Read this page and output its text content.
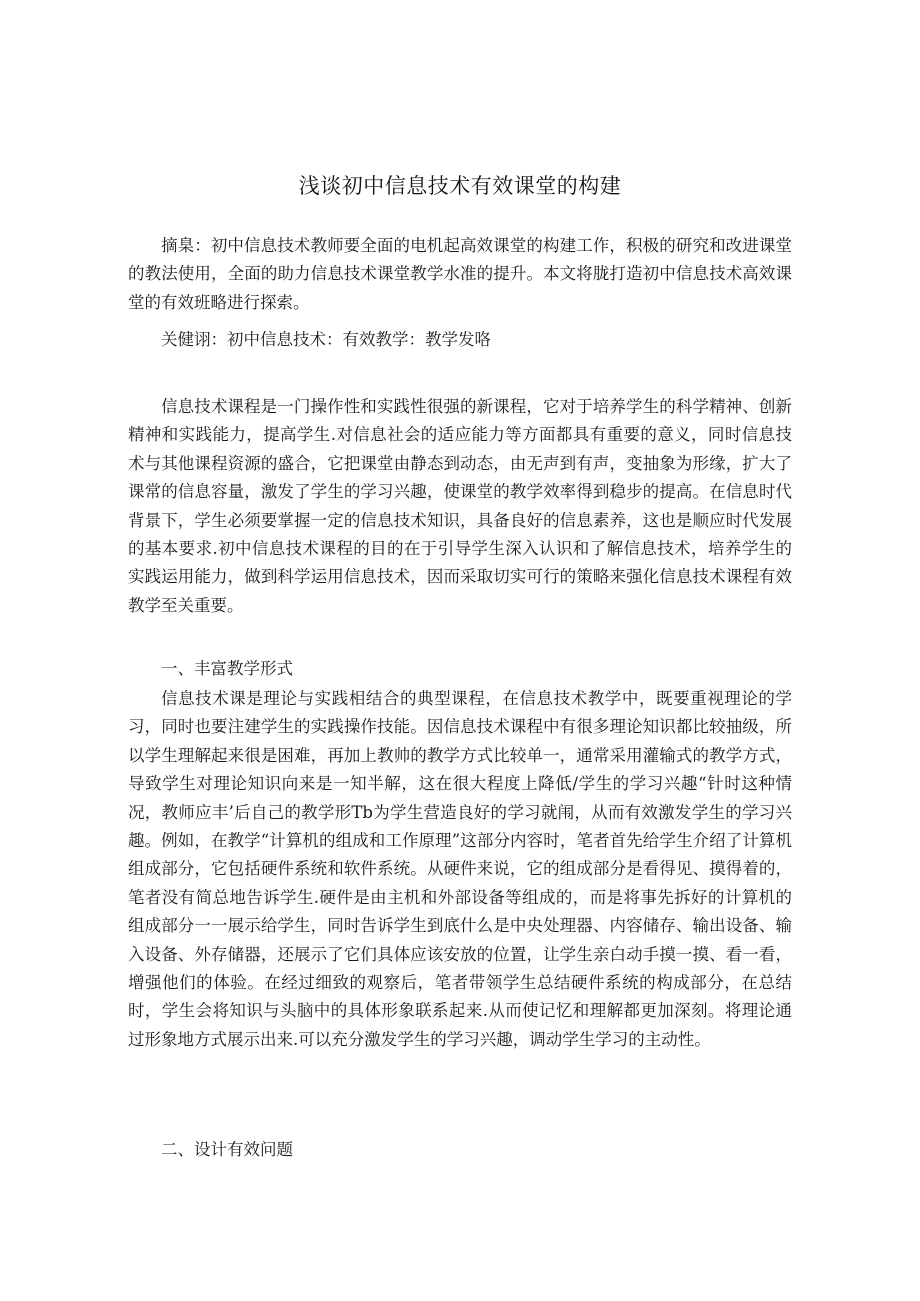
浅谈初中信息技术有效课堂的构建
摘臬：初中信息技术教师要全面的电机起高效课堂的构建工作，积极的研究和改进课堂的教法使用，全面的助力信息技术课堂教学水准的提升。本文将胧打造初中信息技术高效课堂的有效班略进行探索。
关健诩：初中信息技术：有效教学：教学发咯
信息技术课程是一门操作性和实践性很强的新课程，它对于培养学生的科学精神、创新精神和实践能力，提高学生.对信息社会的适应能力等方面都具有重要的意义，同时信息技术与其他课程资源的盛合，它把课堂由静态到动态，由无声到有声，变抽象为形缘，扩大了课常的信息容量，激发了学生的学习兴趣，使课堂的教学效率得到稳步的提高。在信息时代背景下，学生必须要掌握一定的信息技术知识，具备良好的信息素养，这也是顺应时代发展的基本要求.初中信息技术课程的目的在于引导学生深入认识和了解信息技术，培养学生的实践运用能力，做到科学运用信息技术，因而采取切实可行的策略来强化信息技术课程有效教学至关重要。
一、丰富教学形式
信息技术课是理论与实践相结合的典型课程，在信息技术教学中，既要重视理论的学习，同时也要注建学生的实践操作技能。因信息技术课程中有很多理论知识都比较抽级，所以学生理解起来很是困难，再加上教帅的教学方式比较单一，通常采用灌输式的教学方式，导致学生对理论知识向来是一知半解，这在很大程度上降低/学生的学习兴趣“针时这种情况，教师应丰’后自己的教学形Tb为学生营造良好的学习就闱，从而有效激发学生的学习兴趣。例如，在教学“计算机的组成和工作原理”这部分内容时，笔者首先给学生介绍了计算机组成部分，它包括硬件系统和软件系统。从硬件来说，它的组成部分是看得见、摸得着的，笔者没有简总地告诉学生.硬件是由主机和外部设备等组成的，而是将事先拆好的计算机的组成部分一一展示给学生，同时告诉学生到底什么是中央处理器、内容储存、输出设备、输入设备、外存储器，还展示了它们具体应该安放的位置，让学生亲白动手摸一摸、看一看，增强他们的体验。在经过细致的观察后，笔者带领学生总结硬件系统的构成部分，在总结时，学生会将知识与头脑中的具体形象联系起来.从而使记忆和理解都更加深刻。将理论通过形象地方式展示出来.可以充分激发学生的学习兴趣，调动学生学习的主动性。
二、设计有效问题
